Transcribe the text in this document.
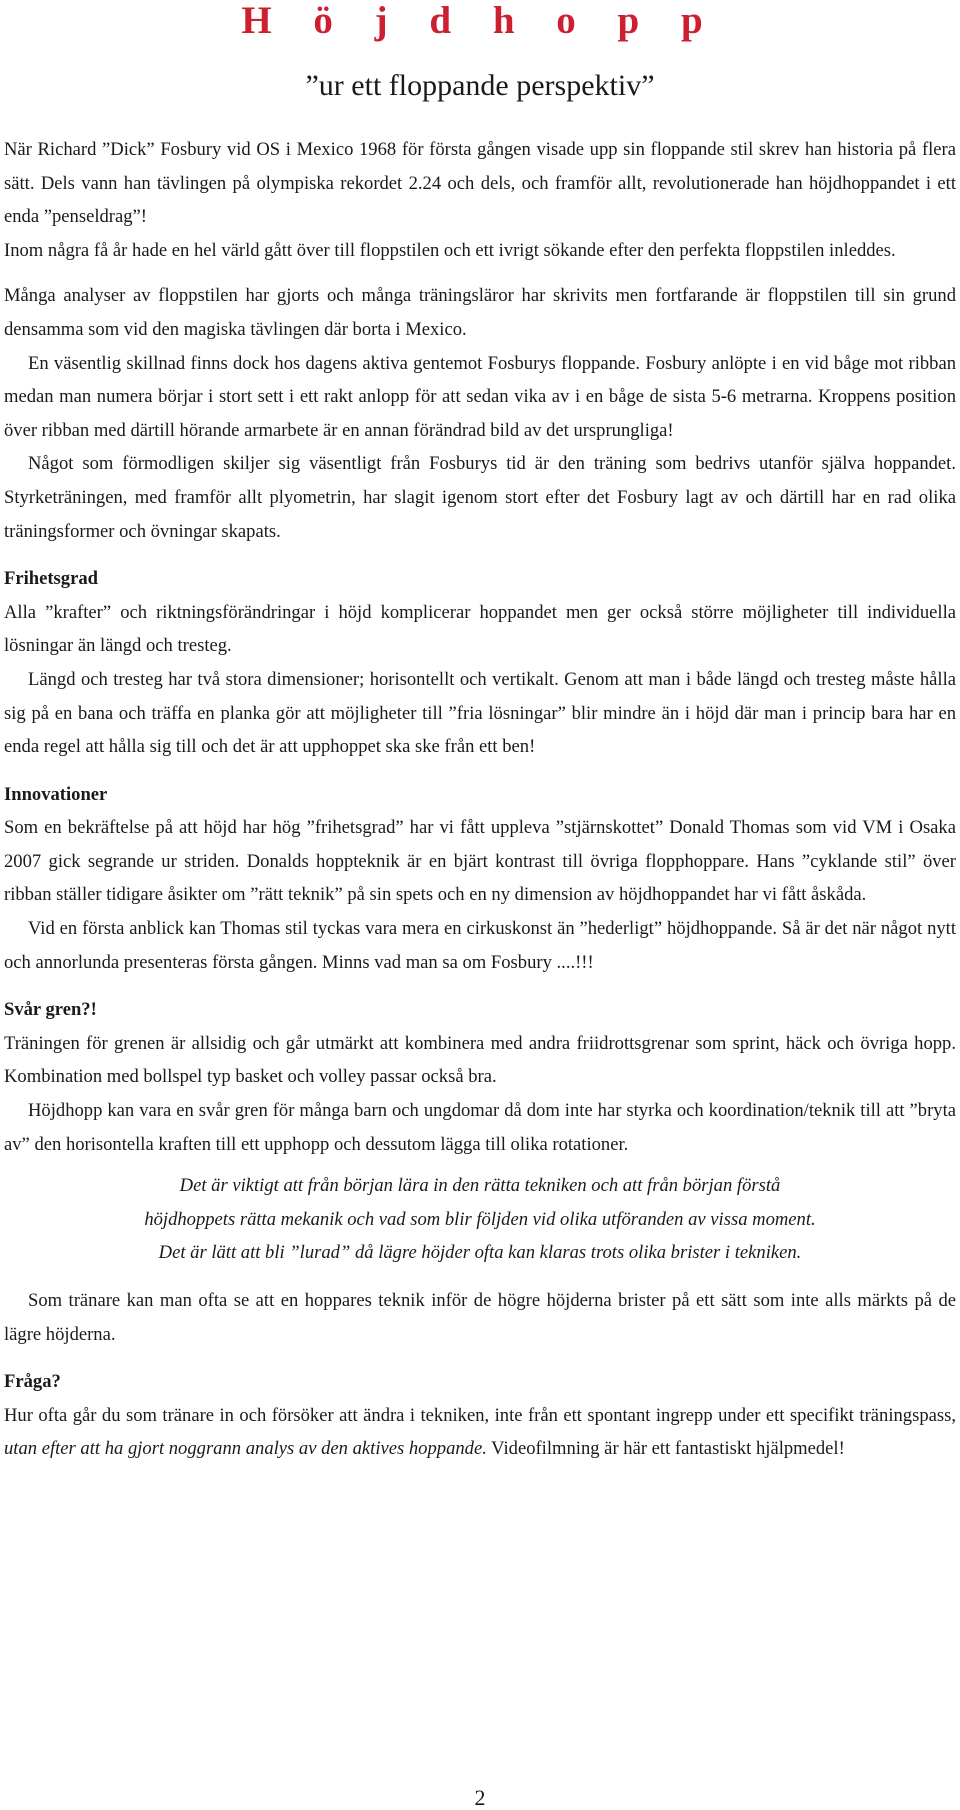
H ö j d h o p p
”ur ett floppande perspektiv”

När Richard ”Dick” Fosbury vid OS i Mexico 1968 för första gången visade upp sin floppande stil skrev han historia på flera sätt. Dels vann han tävlingen på olympiska rekordet 2.24 och dels, och framför allt, revolutionerade han höjdhoppandet i ett enda ”penseldrag”!

Inom några få år hade en hel värld gått över till floppstilen och ett ivrigt sökande efter den perfekta floppstilen inleddes.

Många analyser av floppstilen har gjorts och många träningsläror har skrivits men fortfarande är floppstilen till sin grund densamma som vid den magiska tävlingen där borta i Mexico.

En väsentlig skillnad finns dock hos dagens aktiva gentemot Fosburys floppande. Fosbury anlöpte i en vid båge mot ribban medan man numera börjar i stort sett i ett rakt anlopp för att sedan vika av i en båge de sista 5-6 metrarna. Kroppens position över ribban med därtill hörande armarbete är en annan förändrad bild av det ursprungliga!

Något som förmodligen skiljer sig väsentligt från Fosburys tid är den träning som bedrivs utanför själva hoppandet. Styrketräningen, med framför allt plyometrin, har slagit igenom stort efter det Fosbury lagt av och därtill har en rad olika träningsformer och övningar skapats.

Frihetsgrad

Alla ”krafter” och riktningsförändringar i höjd komplicerar hoppandet men ger också större möjligheter till individuella lösningar än längd och tresteg.

Längd och tresteg har två stora dimensioner; horisontellt och vertikalt. Genom att man i både längd och tresteg måste hålla sig på en bana och träffa en planka gör att möjligheter till ”fria lösningar” blir mindre än i höjd där man i princip bara har en enda regel att hålla sig till och det är att upphoppet ska ske från ett ben!

Innovationer

Som en bekräftelse på att höjd har hög ”frihetsgrad” har vi fått uppleva ”stjärnskottet” Donald Thomas som vid VM i Osaka 2007 gick segrande ur striden. Donalds hoppteknik är en bjärt kontrast till övriga flopphoppare. Hans ”cyklande stil” över ribban ställer tidigare åsikter om ”rätt teknik” på sin spets och en ny dimension av höjdhoppandet har vi fått åskåda.

Vid en första anblick kan Thomas stil tyckas vara mera en cirkuskonst än ”hederligt” höjdhoppande. Så är det när något nytt och annorlunda presenteras första gången. Minns vad man sa om Fosbury ....!!!

Svår gren?!

Träningen för grenen är allsidig och går utmärkt att kombinera med andra friidrottsgrenar som sprint, häck och övriga hopp. Kombination med bollspel typ basket och volley passar också bra.

Höjdhopp kan vara en svår gren för många barn och ungdomar då dom inte har styrka och koordination/teknik till att ”bryta av” den horisontella kraften till ett upphopp och dessutom lägga till olika rotationer.

Det är viktigt att från början lära in den rätta tekniken och att från början förstå
höjdhoppets rätta mekanik och vad som blir följden vid olika utföranden av vissa moment.
Det är lätt att bli ”lurad” då lägre höjder ofta kan klaras trots olika brister i tekniken.

Som tränare kan man ofta se att en hoppares teknik inför de högre höjderna brister på ett sätt som inte alls märkts på de lägre höjderna.

Fråga?

Hur ofta går du som tränare in och försöker att ändra i tekniken, inte från ett spontant ingrepp under ett specifikt träningspass, utan efter att ha gjort noggrann analys av den aktives hoppande. Videofilmning är här ett fantastiskt hjälpmedel!

2
